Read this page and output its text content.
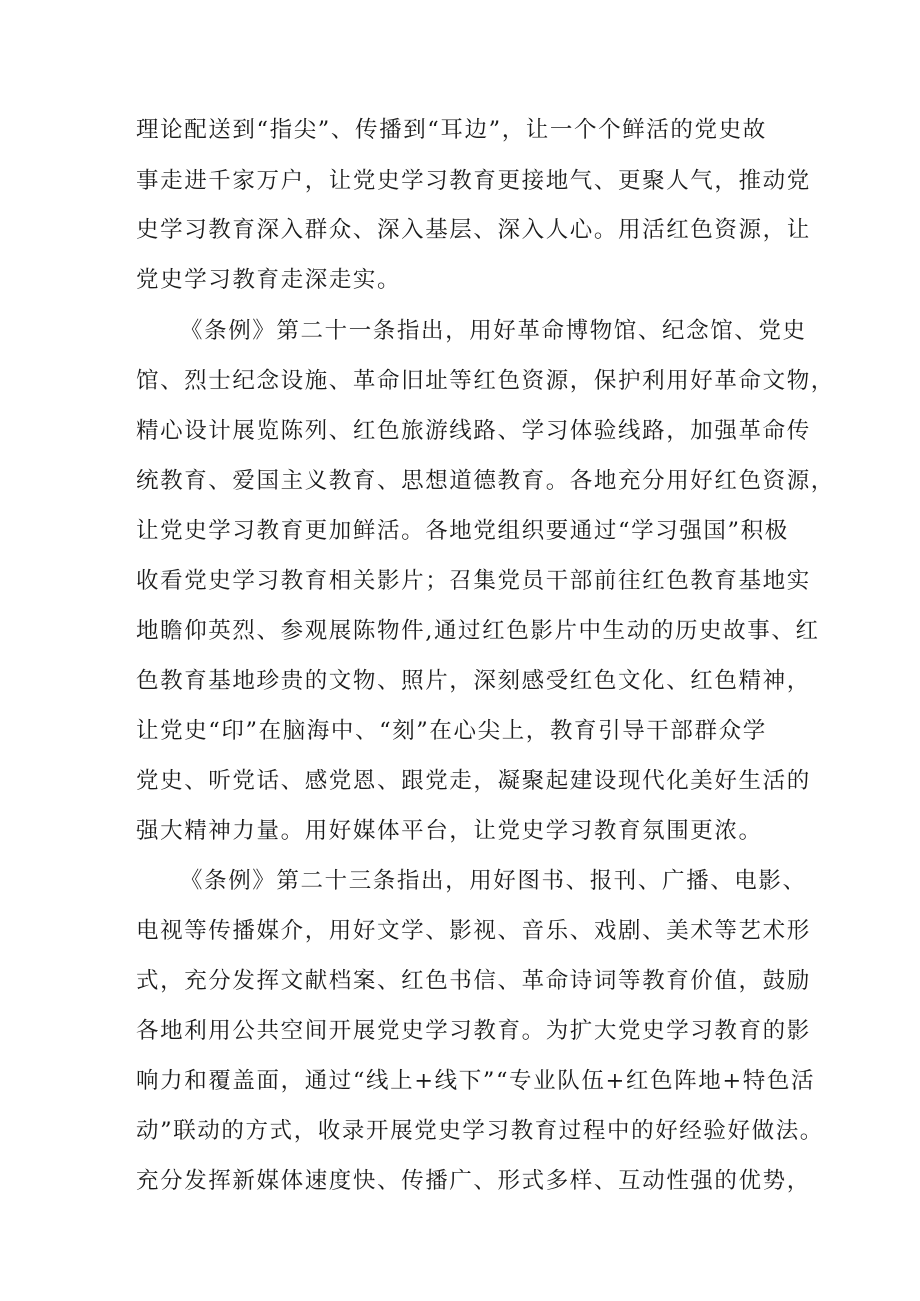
理论配送到“指尖”、传播到“耳边”，让一个个鲜活的党史故
事走进千家万户，让党史学习教育更接地气、更聚人气，推动党
史学习教育深入群众、深入基层、深入人心。用活红色资源，让
党史学习教育走深走实。
《条例》第二十一条指出，用好革命博物馆、纪念馆、党史
馆、烈士纪念设施、革命旧址等红色资源，保护利用好革命文物，
精心设计展览陈列、红色旅游线路、学习体验线路，加强革命传
统教育、爱国主义教育、思想道德教育。各地充分用好红色资源，
让党史学习教育更加鲜活。各地党组织要通过“学习强国”积极
收看党史学习教育相关影片；召集党员干部前往红色教育基地实
地瞻仰英烈、参观展陈物件,通过红色影片中生动的历史故事、红
色教育基地珍贵的文物、照片，深刻感受红色文化、红色精神，
让党史“印”在脑海中、“刻”在心尖上，教育引导干部群众学
党史、听党话、感党恩、跟党走，凝聚起建设现代化美好生活的
强大精神力量。用好媒体平台，让党史学习教育氛围更浓。
《条例》第二十三条指出，用好图书、报刊、广播、电影、
电视等传播媒介，用好文学、影视、音乐、戏剧、美术等艺术形
式，充分发挥文献档案、红色书信、革命诗词等教育价值，鼓励
各地利用公共空间开展党史学习教育。为扩大党史学习教育的影
响力和覆盖面，通过“线上+线下”“专业队伍+红色阵地+特色活
动”联动的方式，收录开展党史学习教育过程中的好经验好做法。
充分发挥新媒体速度快、传播广、形式多样、互动性强的优势，
